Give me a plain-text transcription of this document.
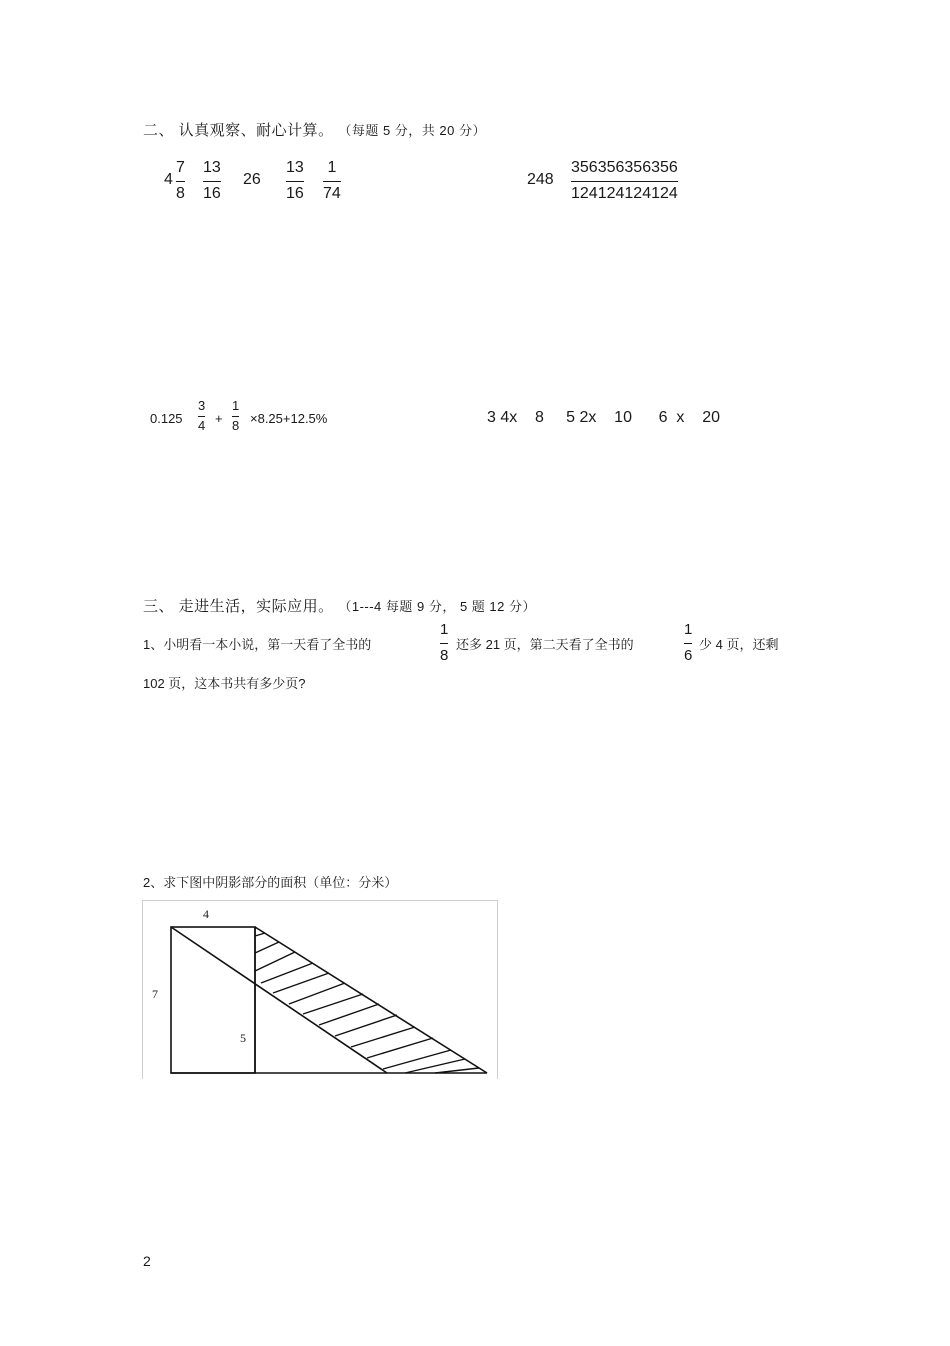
二、 认真观察、耐心计算。 （每题 5 分，共 20 分）
4
7
8
13
16
26
13
16
1
74
248
356356356356
124124124124
0.125
3
4 +
1
8 ×8.25+12.5%	3 4x    8     5 2x    10      6  x    20
三、 走进生活，实际应用。 （1---4 每题 9 分， 5 题 12 分）
1、小明看一本小说，第一天看了全书的
1
8
还多 21 页，第二天看了全书的
1
6
少 4 页，还剩
102 页，这本书共有多少页?
2、求下图中阴影部分的面积（单位：分米）
4
7
5
2
